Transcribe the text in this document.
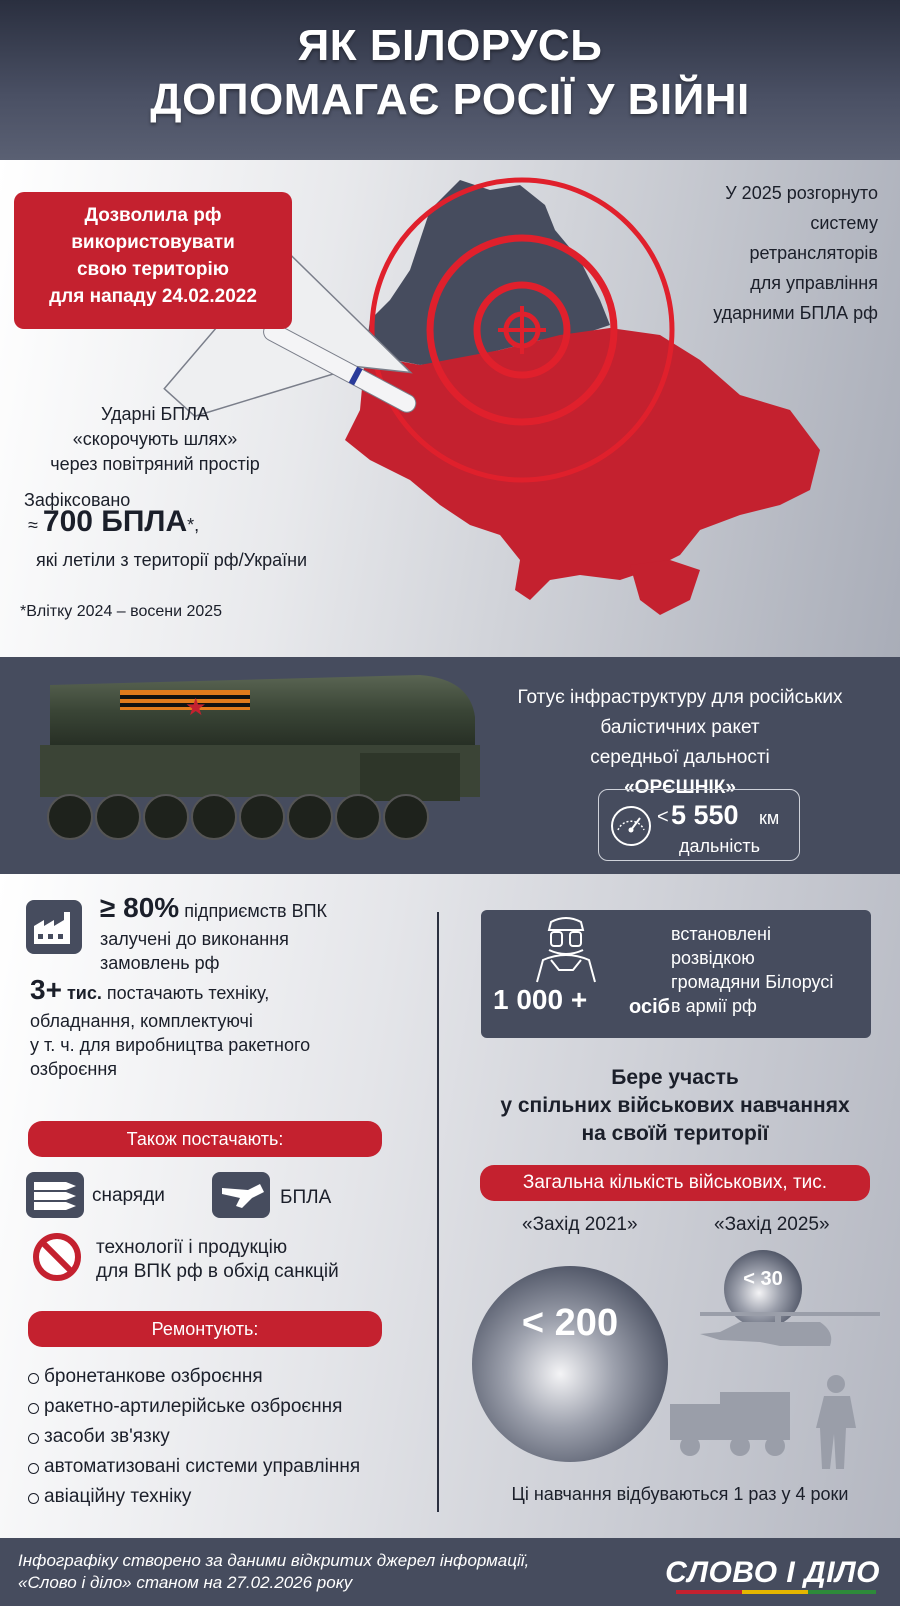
ЯК БІЛОРУСЬ
ДОПОМАГАЄ РОСІЇ У ВІЙНІ
Дозволила рф
використовувати
свою територію
для нападу 24.02.2022
У 2025 розгорнуто
систему
ретрансляторів
для управління
ударними БПЛА рф
Ударні БПЛА
«скорочують шлях»
через повітряний простір
Зафіксовано
≈ 700 БПЛА*,
які летіли з території рф/України
*Влітку 2024 – восени 2025
★	Готує інфраструктуру для російських
балістичних ракет
середньої дальності
«ОРЄШНІК»
< 5 550 км
дальність
≥ 80% підприємств ВПК
залучені до виконання
замовлень рф
3+ тис. постачають техніку,
обладнання, комплектуючі
у т. ч. для виробництва ракетного
озброєння
Також постачають:
снаряди	БПЛА
технології і продукцію
для ВПК рф в обхід санкцій
Ремонтують:
бронетанкове озброєння
ракетно-артилерійське озброєння
засоби зв'язку
автоматизовані системи управління
авіаційну техніку
1 000 + осіб
встановлені
розвідкою
громадяни Білорусі
в армії рф
Бере участь
у спільних військових навчаннях
на своїй території
Загальна кількість військових, тис.
«Захід 2021»	«Захід 2025»
< 200
< 30
Ці навчання відбуваються 1 раз у 4 роки
Інфографіку створено за даними відкритих джерел інформації,
«Слово і діло» станом на 27.02.2026 року	СЛОВО І ДІЛО
